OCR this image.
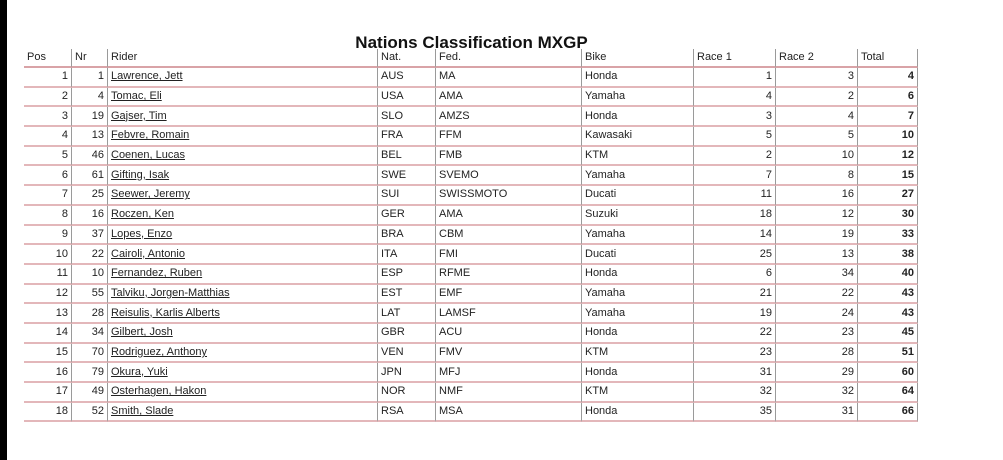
Nations Classification MXGP
Pos	Nr	Rider	Nat.	Fed.	Bike	Race 1	Race 2	Total
1	1	Lawrence, Jett	AUS	MA	Honda	1	3	4
2	4	Tomac, Eli	USA	AMA	Yamaha	4	2	6
3	19	Gajser, Tim	SLO	AMZS	Honda	3	4	7
4	13	Febvre, Romain	FRA	FFM	Kawasaki	5	5	10
5	46	Coenen, Lucas	BEL	FMB	KTM	2	10	12
6	61	Gifting, Isak	SWE	SVEMO	Yamaha	7	8	15
7	25	Seewer, Jeremy	SUI	SWISSMOTO	Ducati	11	16	27
8	16	Roczen, Ken	GER	AMA	Suzuki	18	12	30
9	37	Lopes, Enzo	BRA	CBM	Yamaha	14	19	33
10	22	Cairoli, Antonio	ITA	FMI	Ducati	25	13	38
11	10	Fernandez, Ruben	ESP	RFME	Honda	6	34	40
12	55	Talviku, Jorgen-Matthias	EST	EMF	Yamaha	21	22	43
13	28	Reisulis, Karlis Alberts	LAT	LAMSF	Yamaha	19	24	43
14	34	Gilbert, Josh	GBR	ACU	Honda	22	23	45
15	70	Rodriguez, Anthony	VEN	FMV	KTM	23	28	51
16	79	Okura, Yuki	JPN	MFJ	Honda	31	29	60
17	49	Osterhagen, Hakon	NOR	NMF	KTM	32	32	64
18	52	Smith, Slade	RSA	MSA	Honda	35	31	66
